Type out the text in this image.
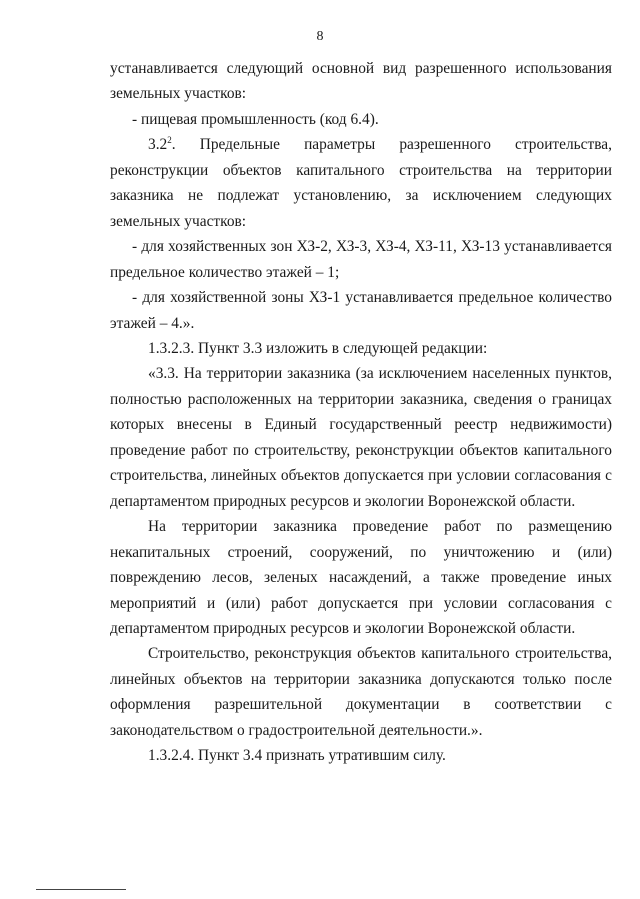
8

устанавливается следующий основной вид разрешенного использования земельных участков:

- пищевая промышленность (код 6.4).

$3.2^2$. Предельные параметры разрешенного строительства, реконструкции объектов капитального строительства на территории заказника не подлежат установлению, за исключением следующих земельных участков:

- для хозяйственных зон ХЗ-2, ХЗ-3, ХЗ-4, ХЗ-11, ХЗ-13 устанавливается предельное количество этажей – 1;

- для хозяйственной зоны ХЗ-1 устанавливается предельное количество этажей – 4.».

1.3.2.3. Пункт 3.3 изложить в следующей редакции:

«3.3. На территории заказника (за исключением населенных пунктов, полностью расположенных на территории заказника, сведения о границах которых внесены в Единый государственный реестр недвижимости) проведение работ по строительству, реконструкции объектов капитального строительства, линейных объектов допускается при условии согласования с департаментом природных ресурсов и экологии Воронежской области.

На территории заказника проведение работ по размещению некапитальных строений, сооружений, по уничтожению и (или) повреждению лесов, зеленых насаждений, а также проведение иных мероприятий и (или) работ допускается при условии согласования с департаментом природных ресурсов и экологии Воронежской области.

Строительство, реконструкция объектов капитального строительства, линейных объектов на территории заказника допускаются только после оформления разрешительной документации в соответствии с законодательством о градостроительной деятельности.».

1.3.2.4. Пункт 3.4 признать утратившим силу.
